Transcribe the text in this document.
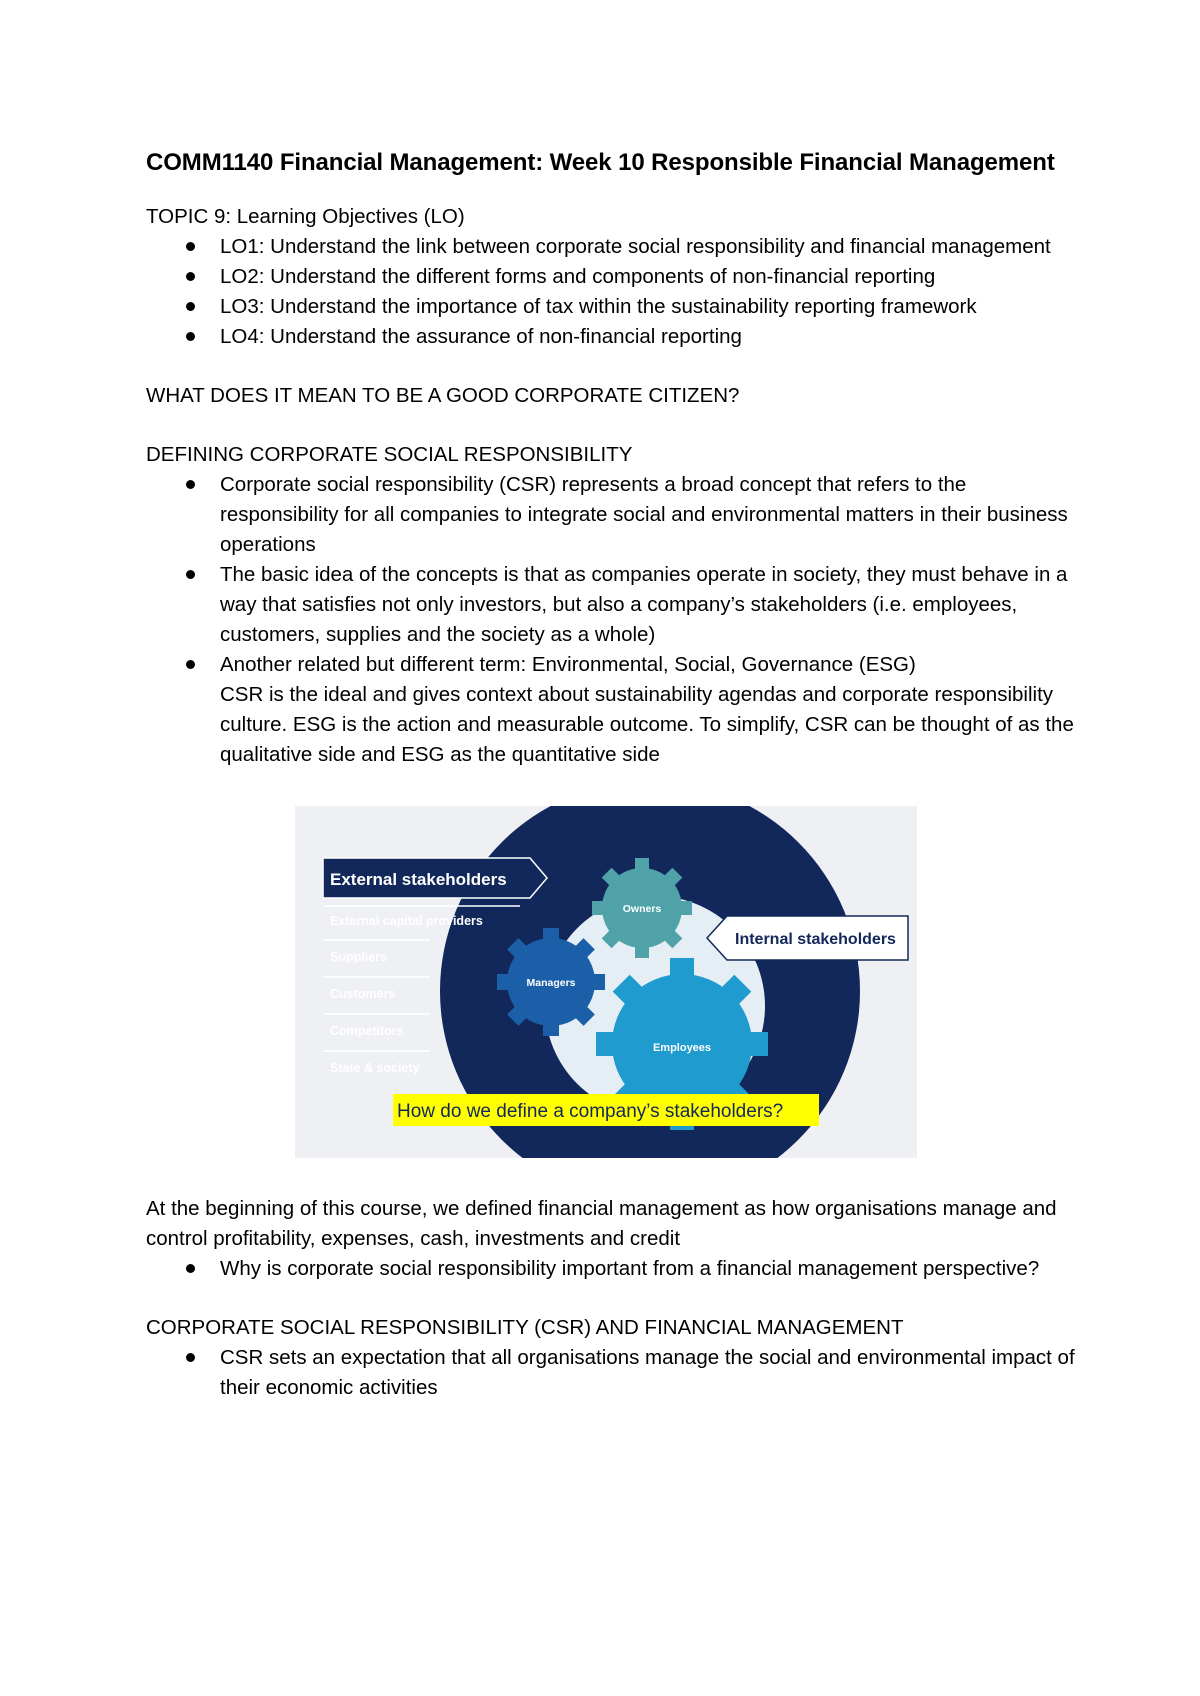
COMM1140 Financial Management: Week 10 Responsible Financial Management

TOPIC 9: Learning Objectives (LO)

LO1: Understand the link between corporate social responsibility and financial management
LO2: Understand the different forms and components of non-financial reporting
LO3: Understand the importance of tax within the sustainability reporting framework
LO4: Understand the assurance of non-financial reporting

WHAT DOES IT MEAN TO BE A GOOD CORPORATE CITIZEN?

DEFINING CORPORATE SOCIAL RESPONSIBILITY

Corporate social responsibility (CSR) represents a broad concept that refers to the responsibility for all companies to integrate social and environmental matters in their business operations
The basic idea of the concepts is that as companies operate in society, they must behave in a way that satisfies not only investors, but also a company’s stakeholders (i.e. employees, customers, supplies and the society as a whole)
Another related but different term: Environmental, Social, Governance (ESG)
CSR is the ideal and gives context about sustainability agendas and corporate responsibility culture. ESG is the action and measurable outcome. To simplify, CSR can be thought of as the qualitative side and ESG as the quantitative side
External stakeholders
External capital providers
Suppliers
Customers
Competitors
State & society
Employees
Managers
Owners
Internal stakeholders
How do we define a company’s stakeholders?

At the beginning of this course, we defined financial management as how organisations manage and control profitability, expenses, cash, investments and credit

Why is corporate social responsibility important from a financial management perspective?

CORPORATE SOCIAL RESPONSIBILITY (CSR) AND FINANCIAL MANAGEMENT

CSR sets an expectation that all organisations manage the social and environmental impact of their economic activities
